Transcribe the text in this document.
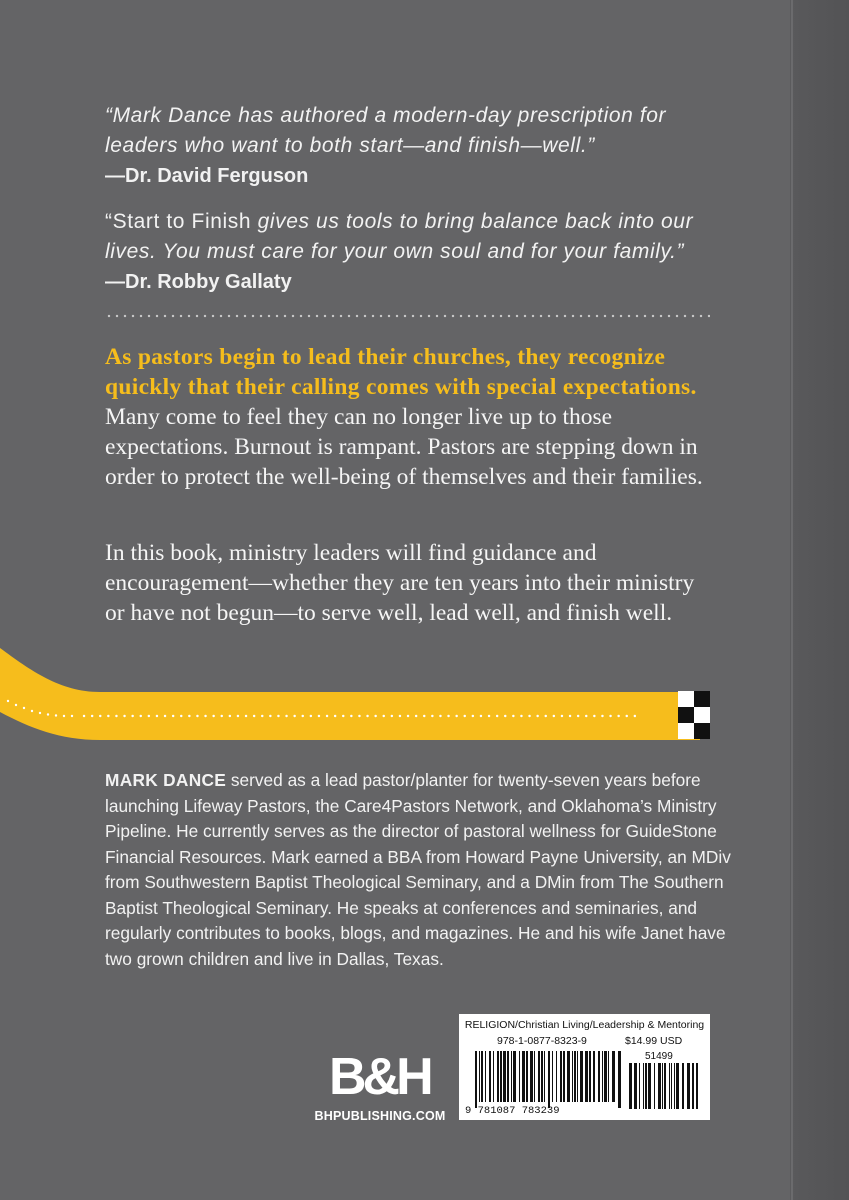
“Mark Dance has authored a modern-day prescription for leaders who want to both start—and finish—well.”
—Dr. David Ferguson
“Start to Finish gives us tools to bring balance back into our lives. You must care for your own soul and for your family.”
—Dr. Robby Gallaty
As pastors begin to lead their churches, they recognize quickly that their calling comes with special expectations. Many come to feel they can no longer live up to those expectations. Burnout is rampant. Pastors are stepping down in order to protect the well-being of themselves and their families.
In this book, ministry leaders will find guidance and encouragement—whether they are ten years into their ministry or have not begun—to serve well, lead well, and finish well.
MARK DANCE served as a lead pastor/planter for twenty-seven years before launching Lifeway Pastors, the Care4Pastors Network, and Oklahoma’s Ministry Pipeline. He currently serves as the director of pastoral wellness for GuideStone Financial Resources. Mark earned a BBA from Howard Payne University, an MDiv from Southwestern Baptist Theological Seminary, and a DMin from The Southern Baptist Theological Seminary. He speaks at conferences and seminaries, and regularly contributes to books, blogs, and magazines. He and his wife Janet have two grown children and live in Dallas, Texas.
B&H
BHPUBLISHING.COM
RELIGION/Christian Living/Leadership & Mentoring
978-1-0877-8323-9	$14.99 USD
51499
9 781087 783239
